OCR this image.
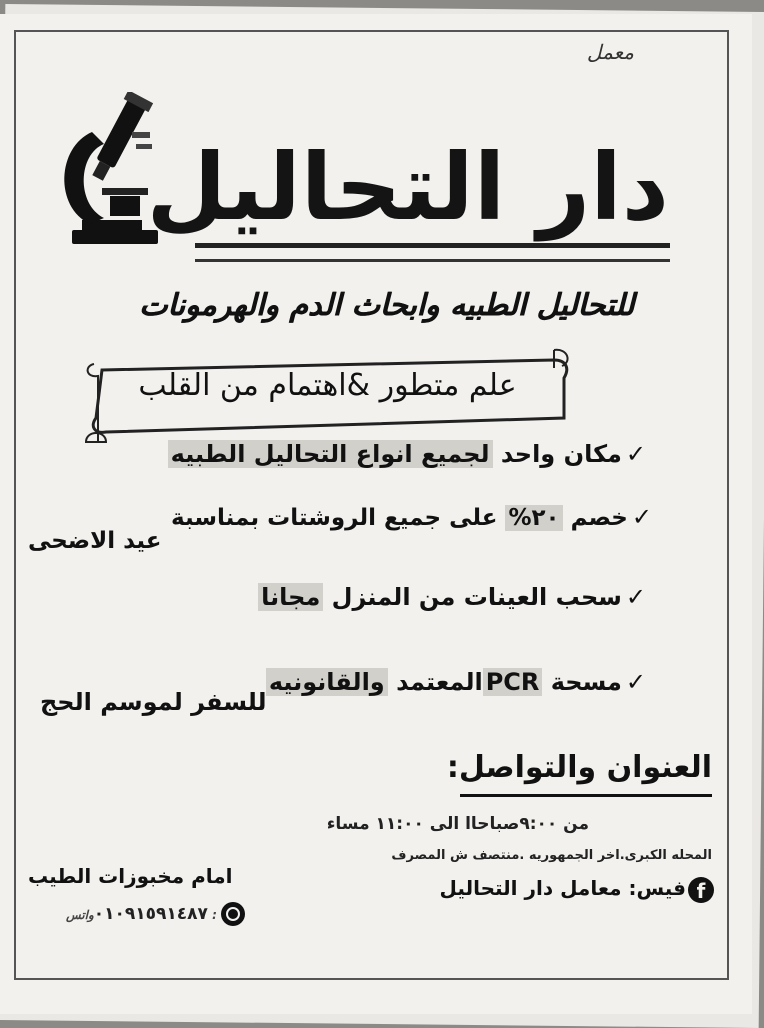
معمل
دار التحاليل
للتحاليل الطبيه وابحاث الدم والهرمونات
علم متطور &اهتمام من القلب
✓مكان واحد لجميع انواع التحاليل الطبيه
✓خصم ٢٠% على جميع الروشتات بمناسبة
عيد الاضحى
✓سحب العينات من المنزل مجانا
✓مسحة PCRالمعتمد والقانونيه
للسفر لموسم الحج
العنوان والتواصل:
من ٩:٠٠صباحاا الى ١١:٠٠ مساء
المحله الكبرى.اخر الجمهوريه .منتصف ش المصرف
امام مخبوزات الطيب
fفيس: معامل دار التحاليل
٠١٠٩١٥٩١٤٨٧واتس :
